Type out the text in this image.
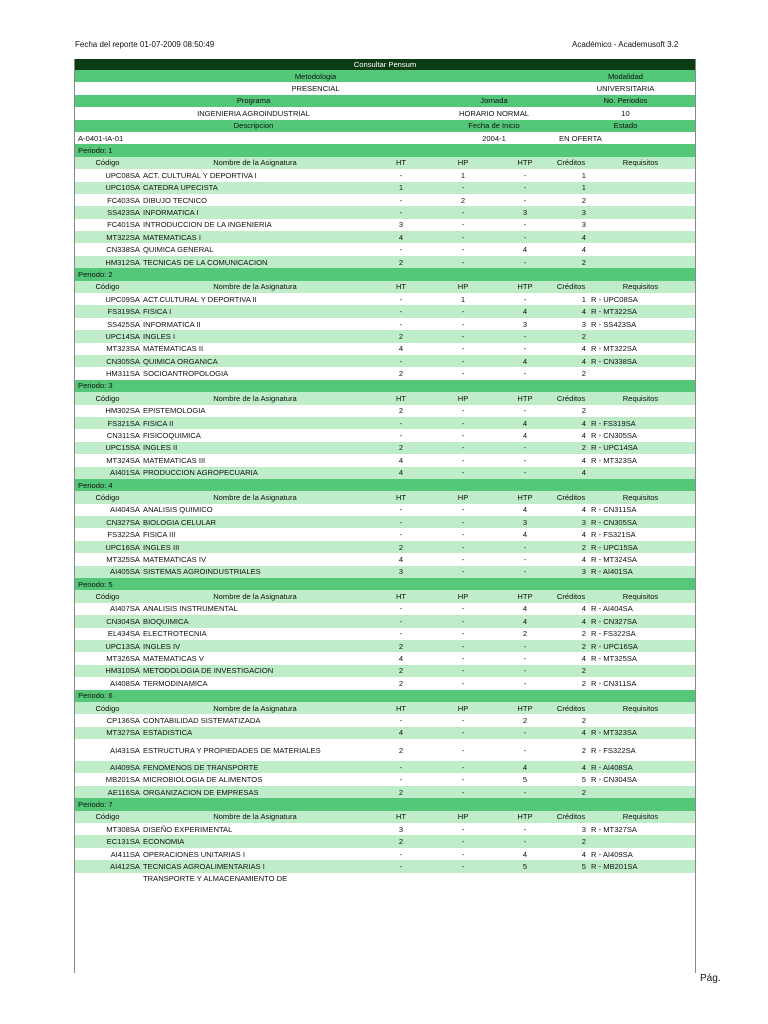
Fecha del reporte 01-07-2009 08:50:49	Académico - Academusoft 3.2
Consultar Pensum						
Metodologia					Modalidad	
PRESENCIAL					UNIVERSITARIA	
Programa			Jornada		No. Periodos	
INGENIERIA AGROINDUSTRIAL			HORARIO NORMAL		10	
Descripcion			Fecha de Inicio		Estado	
A-0401-IA-01			2004-1		EN OFERTA	
Periodo: 1						
Código	Nombre de la Asignatura	HT	HP	HTP	Créditos	Requisitos
UPC08SA	ACT. CULTURAL Y DEPORTIVA I	-	1	-	1	
UPC10SA	CATEDRA UPECISTA	1	-	-	1	
FC403SA	DIBUJO TECNICO	-	2	-	2	
SS423SA	INFORMATICA I	-	-	3	3	
FC401SA	INTRODUCCION DE LA INGENIERIA	3	-	-	3	
MT322SA	MATEMATICAS I	4	-	-	4	
CN338SA	QUIMICA GENERAL	-	-	4	4	
HM312SA	TECNICAS DE LA COMUNICACION	2	-	-	2	
Periodo: 2						
Código	Nombre de la Asignatura	HT	HP	HTP	Créditos	Requisitos
UPC09SA	ACT.CULTURAL Y DEPORTIVA II	-	1	-	1	R - UPC08SA
FS319SA	FISICA I	-	-	4	4	R - MT322SA
SS425SA	INFORMATICA II	-	-	3	3	R - SS423SA
UPC14SA	INGLES I	2	-	-	2	
MT323SA	MATEMATICAS II	4	-	-	4	R - MT322SA
CN305SA	QUIMICA ORGANICA	-	-	4	4	R - CN338SA
HM311SA	SOCIOANTROPOLOGIA	2	-	-	2	
Periodo: 3						
Código	Nombre de la Asignatura	HT	HP	HTP	Créditos	Requisitos
HM302SA	EPISTEMOLOGIA	2	-	-	2	
FS321SA	FISICA II	-	-	4	4	R - FS319SA
CN311SA	FISICOQUIMICA	-	-	4	4	R - CN305SA
UPC15SA	INGLES II	2	-	-	2	R - UPC14SA
MT324SA	MATEMATICAS III	4	-	-	4	R - MT323SA
AI401SA	PRODUCCION AGROPECUARIA	4	-	-	4	
Periodo: 4						
Código	Nombre de la Asignatura	HT	HP	HTP	Créditos	Requisitos
AI404SA	ANALISIS QUIMICO	-	-	4	4	R - CN311SA
CN327SA	BIOLOGIA CELULAR	-	-	3	3	R - CN305SA
FS322SA	FISICA III	-	-	4	4	R - FS321SA
UPC16SA	INGLES III	2	-	-	2	R - UPC15SA
MT325SA	MATEMATICAS IV	4	-	-	4	R - MT324SA
AI405SA	SISTEMAS AGROINDUSTRIALES	3	-	-	3	R - AI401SA
Periodo: 5						
Código	Nombre de la Asignatura	HT	HP	HTP	Créditos	Requisitos
AI407SA	ANALISIS INSTRUMENTAL	-	-	4	4	R - AI404SA
CN304SA	BIOQUIMICA	-	-	4	4	R - CN327SA
EL434SA	ELECTROTECNIA	-	-	2	2	R - FS322SA
UPC13SA	INGLES IV	2	-	-	2	R - UPC16SA
MT326SA	MATEMATICAS V	4	-	-	4	R - MT325SA
HM310SA	METODOLOGIA DE INVESTIGACION	2	-	-	2	
AI408SA	TERMODINAMICA	2	-	-	2	R - CN311SA
Periodo: 6						
Código	Nombre de la Asignatura	HT	HP	HTP	Créditos	Requisitos
CP136SA	CONTABILIDAD SISTEMATIZADA	-	-	2	2	
MT327SA	ESTADISTICA	4	-	-	4	R - MT323SA
AI431SA	ESTRUCTURA Y PROPIEDADES DE MATERIALES	2	-	-	2	R - FS322SA
AI409SA	FENOMENOS DE TRANSPORTE	-	-	4	4	R - AI408SA
MB201SA	MICROBIOLOGIA DE ALIMENTOS	-	-	5	5	R - CN304SA
AE116SA	ORGANIZACION DE EMPRESAS	2	-	-	2	
Periodo: 7						
Código	Nombre de la Asignatura	HT	HP	HTP	Créditos	Requisitos
MT308SA	DISEÑO EXPERIMENTAL	3	-	-	3	R - MT327SA
EC131SA	ECONOMIA	2	-	-	2	
AI411SA	OPERACIONES UNITARIAS I	-	-	4	4	R - AI409SA
AI412SA	TECNICAS AGROALIMENTARIAS I	-	-	5	5	R - MB201SA
	TRANSPORTE Y ALMACENAMIENTO DE					
Pág.
